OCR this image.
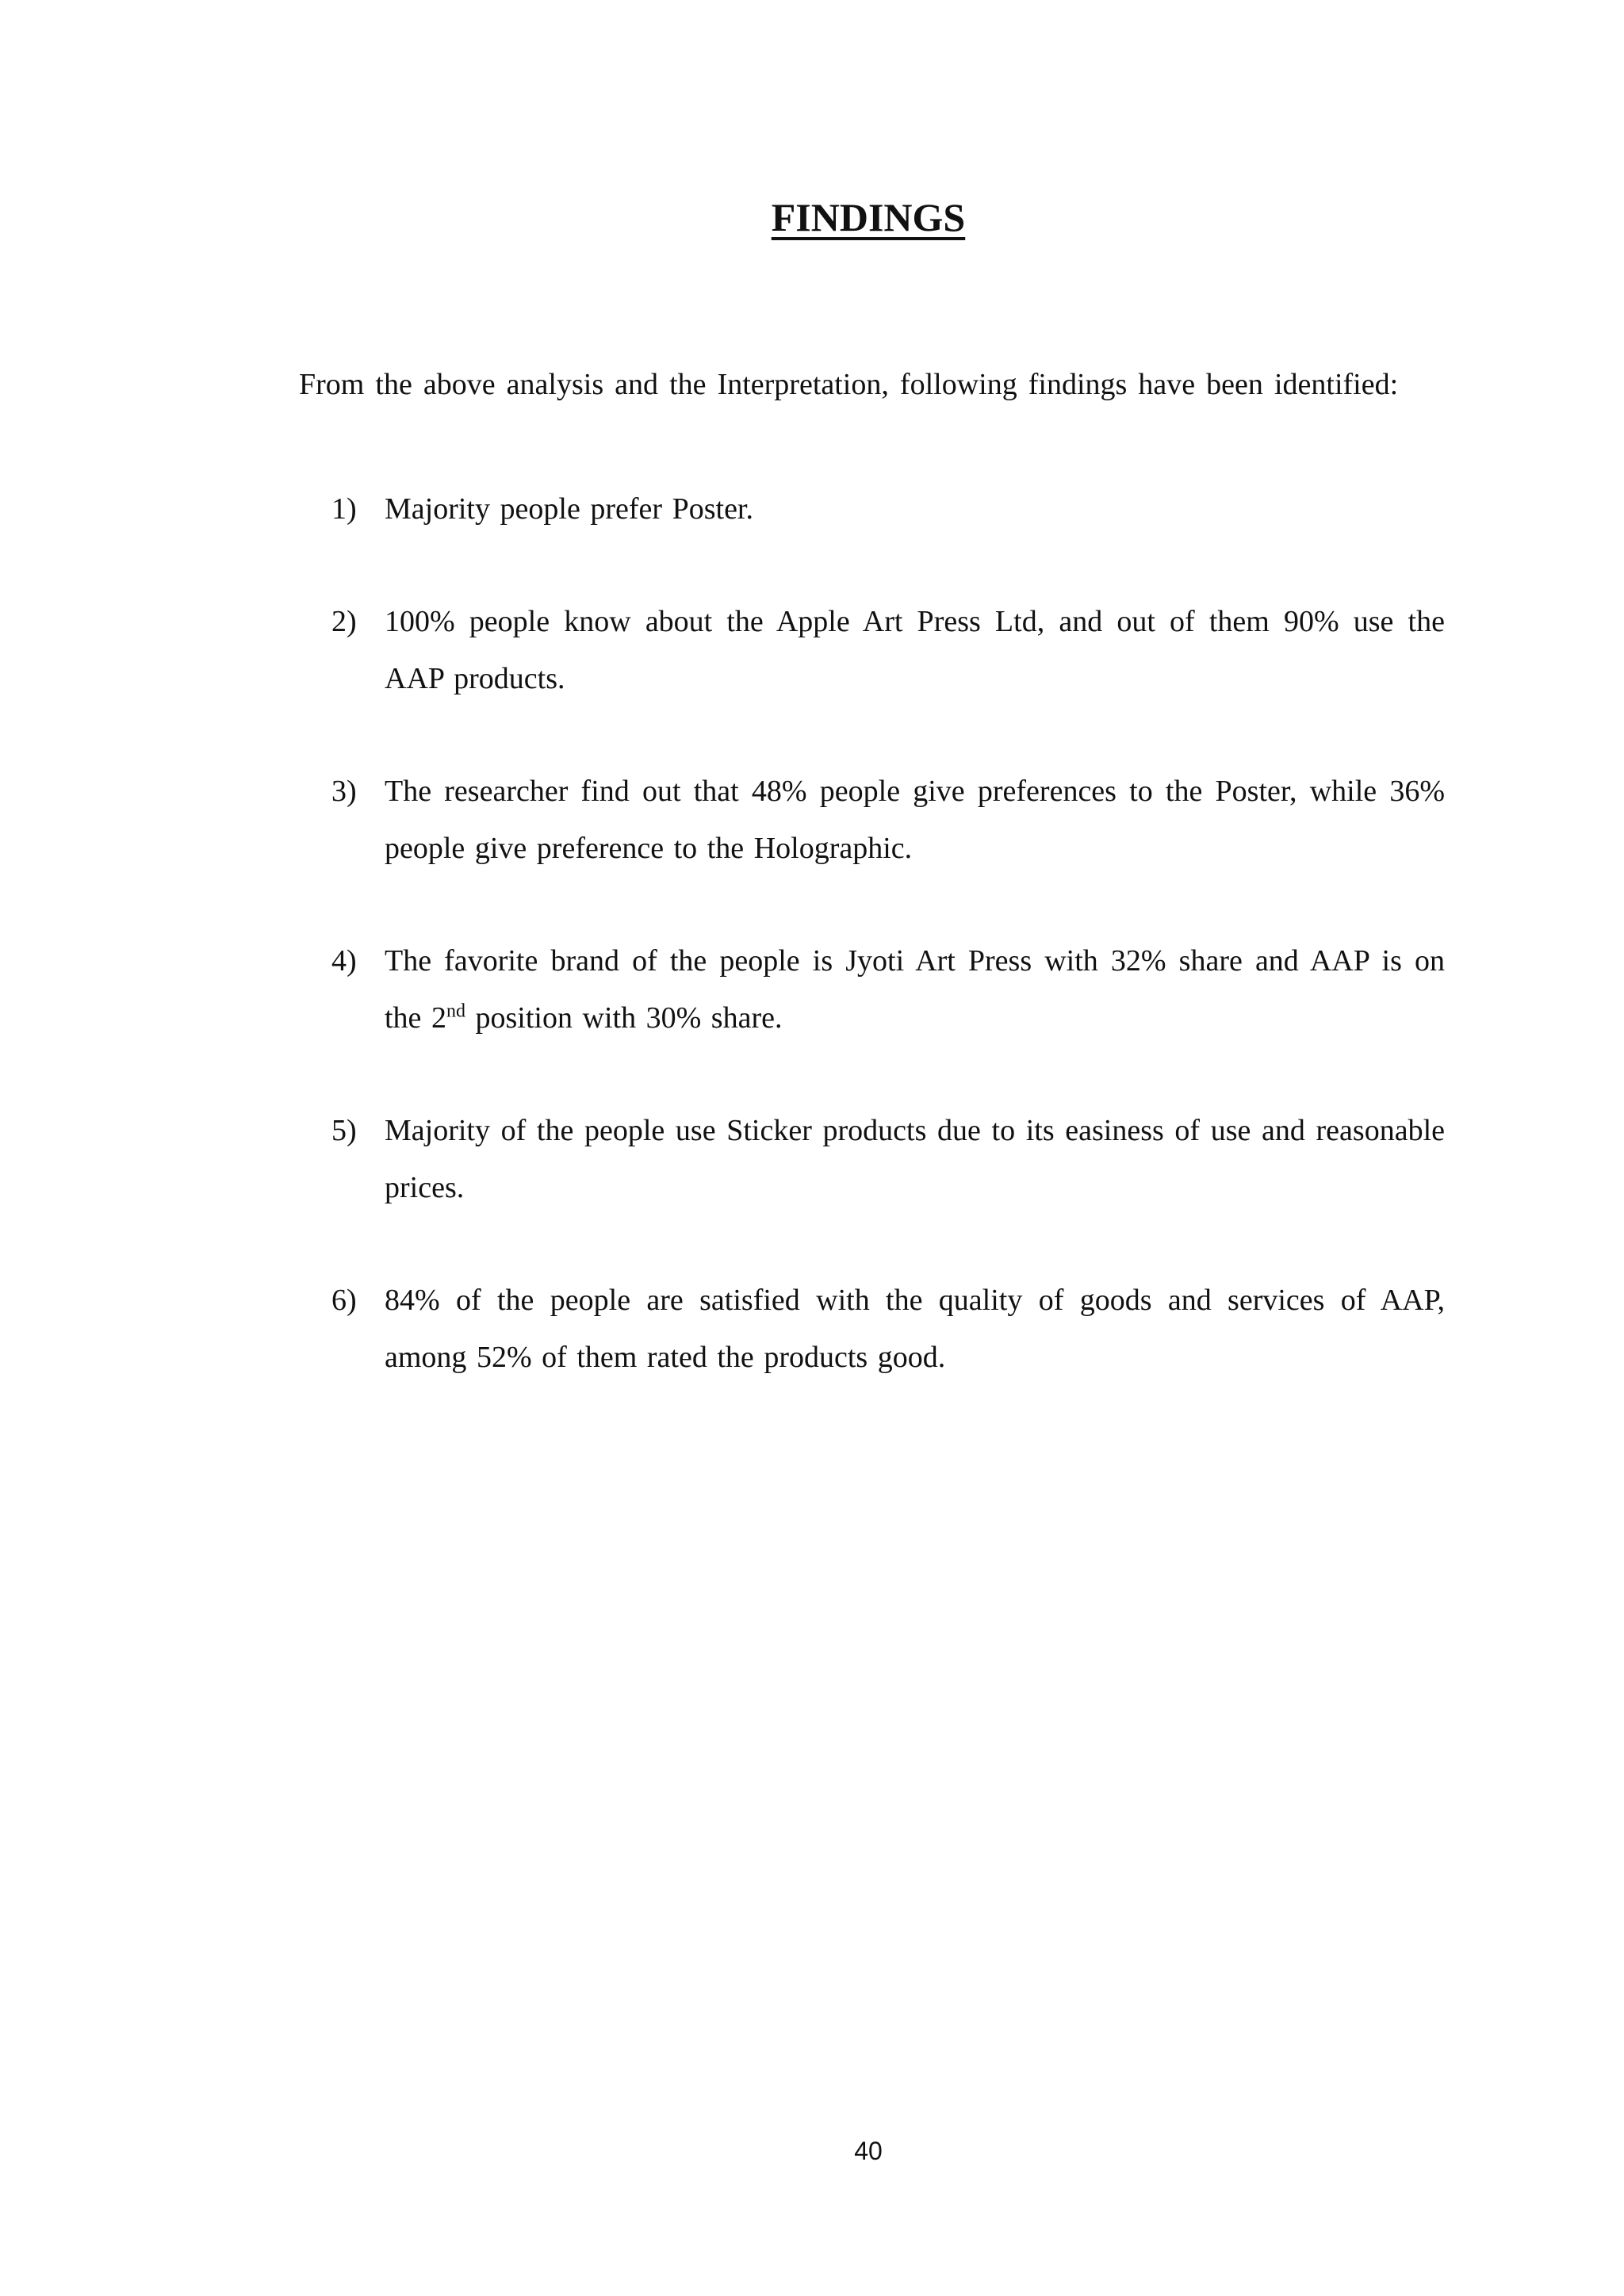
FINDINGS
From the above analysis and the Interpretation, following findings have been identified:
1) Majority people prefer Poster.
2) 100% people know about the Apple Art Press Ltd, and out of them 90% use the AAP products.
3) The researcher find out that 48% people give preferences to the Poster, while 36% people give preference to the Holographic.
4) The favorite brand of the people is Jyoti Art Press with 32% share and AAP is on the 2nd position with 30% share.
5) Majority of the people use Sticker products due to its easiness of use and reasonable prices.
6) 84% of the people are satisfied with the quality of goods and services of AAP, among 52% of them rated the products good.
40
